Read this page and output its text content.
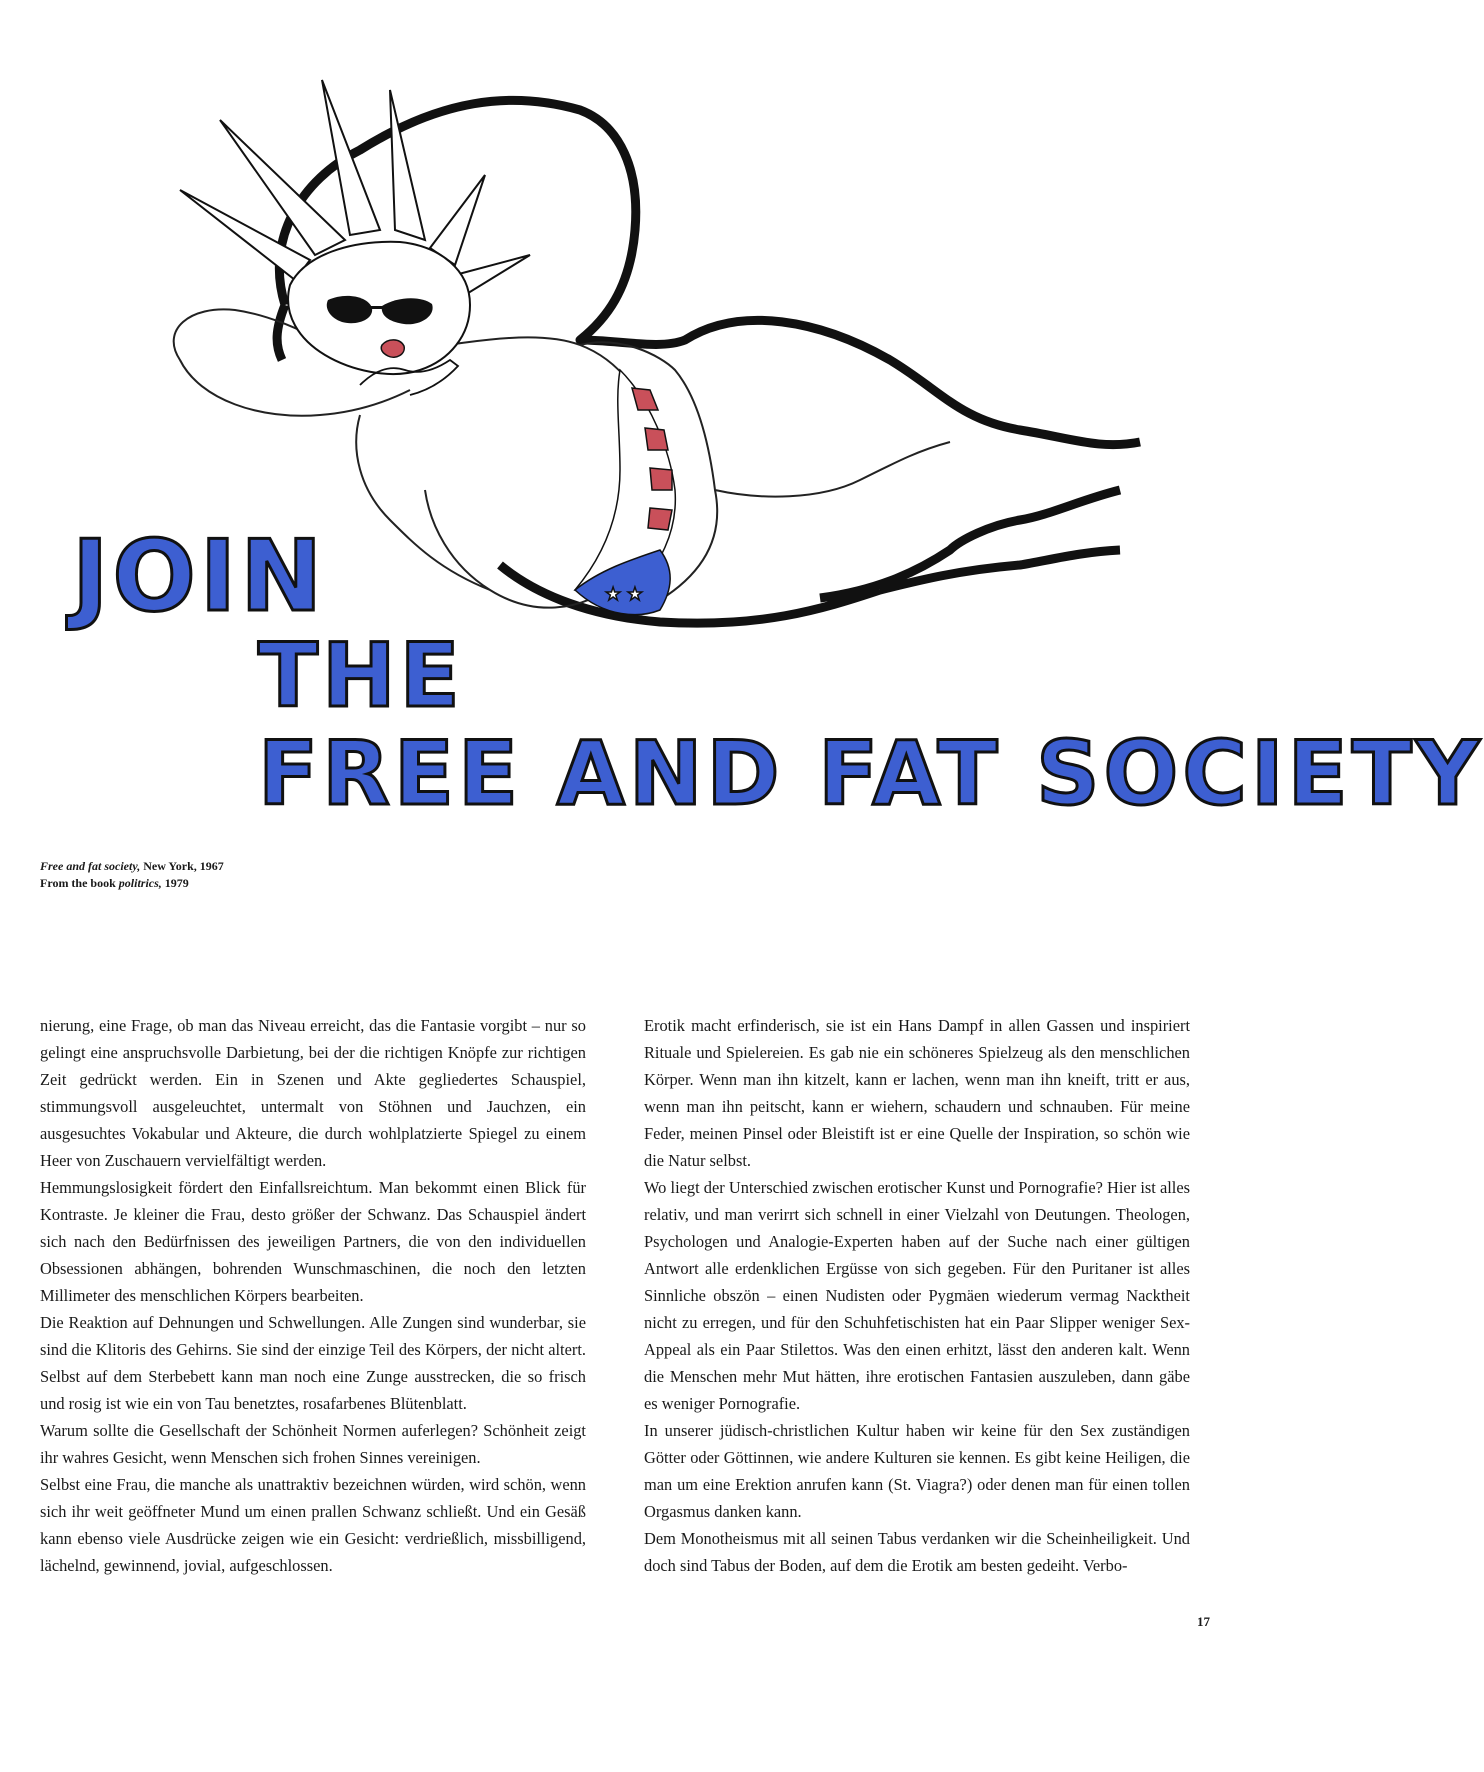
★ ★
JOIN
THE
FREE AND FAT SOCIETY
Free and fat society, New York, 1967
From the book politrics, 1979

nierung, eine Frage, ob man das Niveau erreicht, das die Fantasie vorgibt – nur so gelingt eine anspruchsvolle Darbietung, bei der die richtigen Knöpfe zur richtigen Zeit gedrückt werden. Ein in Szenen und Akte gegliedertes Schauspiel, stimmungsvoll ausgeleuchtet, untermalt von Stöhnen und Jauchzen, ein ausgesuchtes Vokabular und Akteure, die durch wohlplatzierte Spiegel zu einem Heer von Zuschauern vervielfältigt werden.

Hemmungslosigkeit fördert den Einfallsreichtum. Man bekommt einen Blick für Kontraste. Je kleiner die Frau, desto größer der Schwanz. Das Schauspiel ändert sich nach den Bedürfnissen des jeweiligen Partners, die von den individuellen Obsessionen abhängen, bohrenden Wunschmaschinen, die noch den letzten Millimeter des menschlichen Körpers bearbeiten.

Die Reaktion auf Dehnungen und Schwellungen. Alle Zungen sind wunderbar, sie sind die Klitoris des Gehirns. Sie sind der einzige Teil des Körpers, der nicht altert. Selbst auf dem Sterbebett kann man noch eine Zunge ausstrecken, die so frisch und rosig ist wie ein von Tau benetztes, rosafarbenes Blütenblatt.

Warum sollte die Gesellschaft der Schönheit Normen auferlegen? Schönheit zeigt ihr wahres Gesicht, wenn Menschen sich frohen Sinnes vereinigen.

Selbst eine Frau, die manche als unattraktiv bezeichnen würden, wird schön, wenn sich ihr weit geöffneter Mund um einen prallen Schwanz schließt. Und ein Gesäß kann ebenso viele Ausdrücke zeigen wie ein Gesicht: verdrießlich, missbilligend, lächelnd, gewinnend, jovial, aufgeschlossen.

Erotik macht erfinderisch, sie ist ein Hans Dampf in allen Gassen und inspiriert Rituale und Spielereien. Es gab nie ein schöneres Spielzeug als den menschlichen Körper. Wenn man ihn kitzelt, kann er lachen, wenn man ihn kneift, tritt er aus, wenn man ihn peitscht, kann er wiehern, schaudern und schnauben. Für meine Feder, meinen Pinsel oder Bleistift ist er eine Quelle der Inspiration, so schön wie die Natur selbst.

Wo liegt der Unterschied zwischen erotischer Kunst und Pornografie? Hier ist alles relativ, und man verirrt sich schnell in einer Vielzahl von Deutungen. Theologen, Psychologen und Analogie-Experten haben auf der Suche nach einer gültigen Antwort alle erdenklichen Ergüsse von sich gegeben. Für den Puritaner ist alles Sinnliche obszön – einen Nudisten oder Pygmäen wiederum vermag Nacktheit nicht zu erregen, und für den Schuhfetischisten hat ein Paar Slipper weniger Sex-Appeal als ein Paar Stilettos. Was den einen erhitzt, lässt den anderen kalt. Wenn die Menschen mehr Mut hätten, ihre erotischen Fantasien auszuleben, dann gäbe es weniger Pornografie.

In unserer jüdisch-christlichen Kultur haben wir keine für den Sex zuständigen Götter oder Göttinnen, wie andere Kulturen sie kennen. Es gibt keine Heiligen, die man um eine Erektion anrufen kann (St. Viagra?) oder denen man für einen tollen Orgasmus danken kann.

Dem Monotheismus mit all seinen Tabus verdanken wir die Scheinheiligkeit. Und doch sind Tabus der Boden, auf dem die Erotik am besten gedeiht. Verbo-

17
